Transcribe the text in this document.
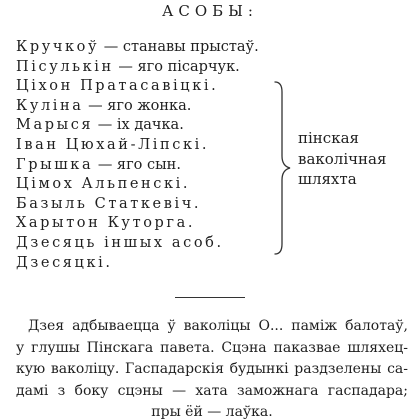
АСОБЫ:
Кручкоў — станавы прыстаў.
Пісулькін — яго пісарчук.
Ціхон Пратасавіцкі.
Куліна — яго жонка.
Марыся — іх дачка.
Іван Цюхай-Ліпскі.
Грышка — яго сын.
Цімох Альпенскі.
Базыль Статкевіч.
Харытон Куторга.
Дзесяць іншых асоб.
Дзесяцкі.
пінская
ваколічная
шляхта
Дзея адбываецца ў ваколіцы О... паміж балотаў,
у глушы Пінскага павета. Сцэна паказвае шляхец-
кую ваколіцу. Гаспадарскія будынкі раздзелены са-
дамі з боку сцэны — хата заможнага гаспадара;
пры ёй — лаўка.
